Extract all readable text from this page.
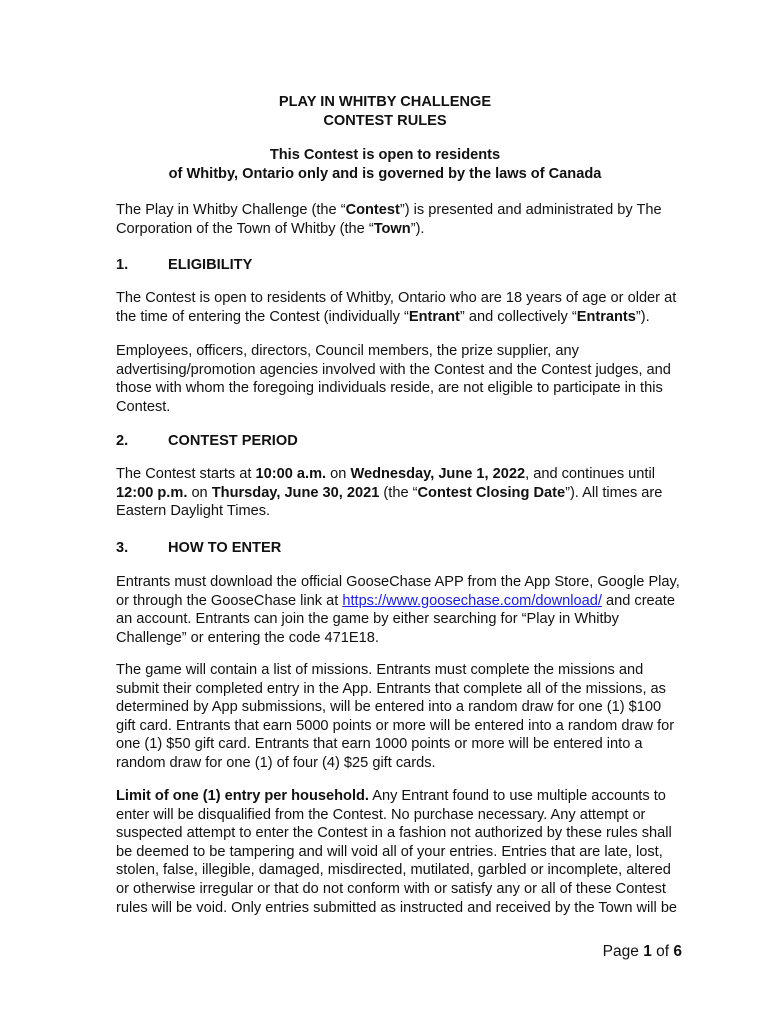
PLAY IN WHITBY CHALLENGE
CONTEST RULES
This Contest is open to residents
of Whitby, Ontario only and is governed by the laws of Canada
1.	ELIGIBILITY
2.	CONTEST PERIOD
3.	HOW TO ENTER
The Play in Whitby Challenge (the “Contest”) is presented and administrated by The
Corporation of the Town of Whitby (the “Town”).
The Contest is open to residents of Whitby, Ontario who are 18 years of age or older at
the time of entering the Contest (individually “Entrant” and collectively “Entrants”).
Employees, officers, directors, Council members, the prize supplier, any
advertising/promotion agencies involved with the Contest and the Contest judges, and
those with whom the foregoing individuals reside, are not eligible to participate in this
Contest.
The Contest starts at 10:00 a.m. on Wednesday, June 1, 2022, and continues until
12:00 p.m. on Thursday, June 30, 2021 (the “Contest Closing Date”). All times are
Eastern Daylight Times.
Entrants must download the official GooseChase APP from the App Store, Google Play,
or through the GooseChase link at https://www.goosechase.com/download/ and create
an account. Entrants can join the game by either searching for “Play in Whitby
Challenge” or entering the code 471E18.
The game will contain a list of missions. Entrants must complete the missions and
submit their completed entry in the App. Entrants that complete all of the missions, as
determined by App submissions, will be entered into a random draw for one (1) $100
gift card. Entrants that earn 5000 points or more will be entered into a random draw for
one (1) $50 gift card. Entrants that earn 1000 points or more will be entered into a
random draw for one (1) of four (4) $25 gift cards.
Limit of one (1) entry per household. Any Entrant found to use multiple accounts to
enter will be disqualified from the Contest. No purchase necessary. Any attempt or
suspected attempt to enter the Contest in a fashion not authorized by these rules shall
be deemed to be tampering and will void all of your entries. Entries that are late, lost,
stolen, false, illegible, damaged, misdirected, mutilated, garbled or incomplete, altered
or otherwise irregular or that do not conform with or satisfy any or all of these Contest
rules will be void. Only entries submitted as instructed and received by the Town will be
Page 1 of 6
